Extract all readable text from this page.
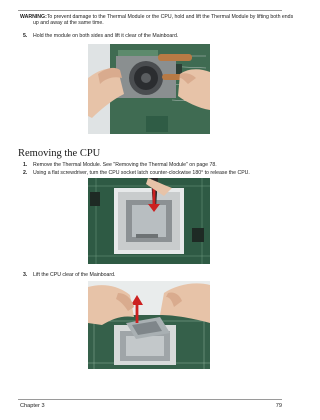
WARNING:To prevent damage to the Thermal Module or the CPU, hold and lift the Thermal Module by lifting both ends up and away at the same time.
5. Hold the module on both sides and lift it clear of the Mainboard.
Removing the CPU
1. Remove the Thermal Module. See "Removing the Thermal Module" on page 78.
2. Using a flat screwdriver, turn the CPU socket latch counter-clockwise 180° to release the CPU.
3. Lift the CPU clear of the Mainboard.
Chapter 3	79
